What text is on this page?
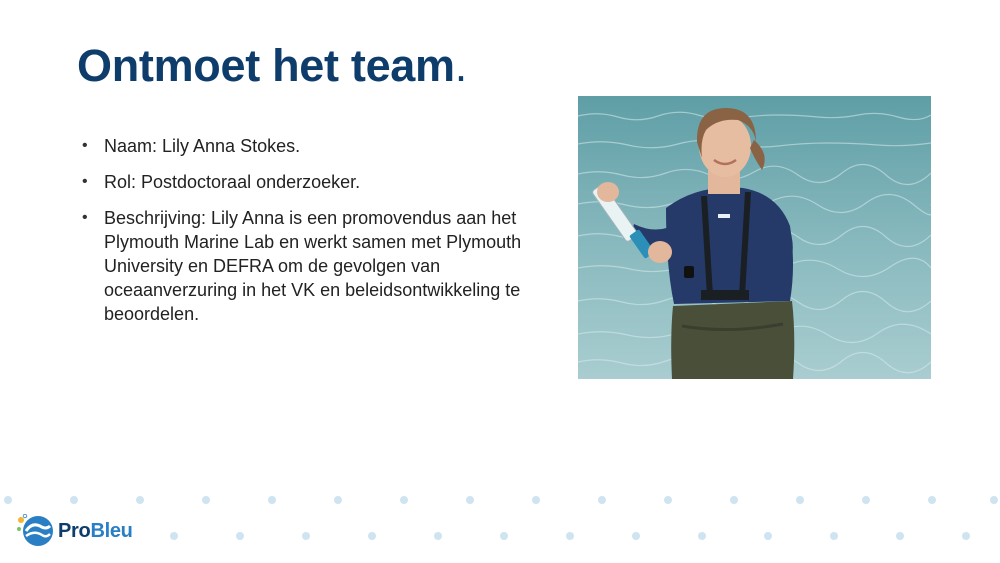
Ontmoet het team.
• Naam: Lily Anna Stokes.
• Rol: Postdoctoraal onderzoeker.
• Beschrijving: Lily Anna is een promovendus aan het Plymouth Marine Lab en werkt samen met Plymouth University en DEFRA om de gevolgen van oceaanverzuring in het VK en beleidsontwikkeling te beoordelen.
ProBleu
